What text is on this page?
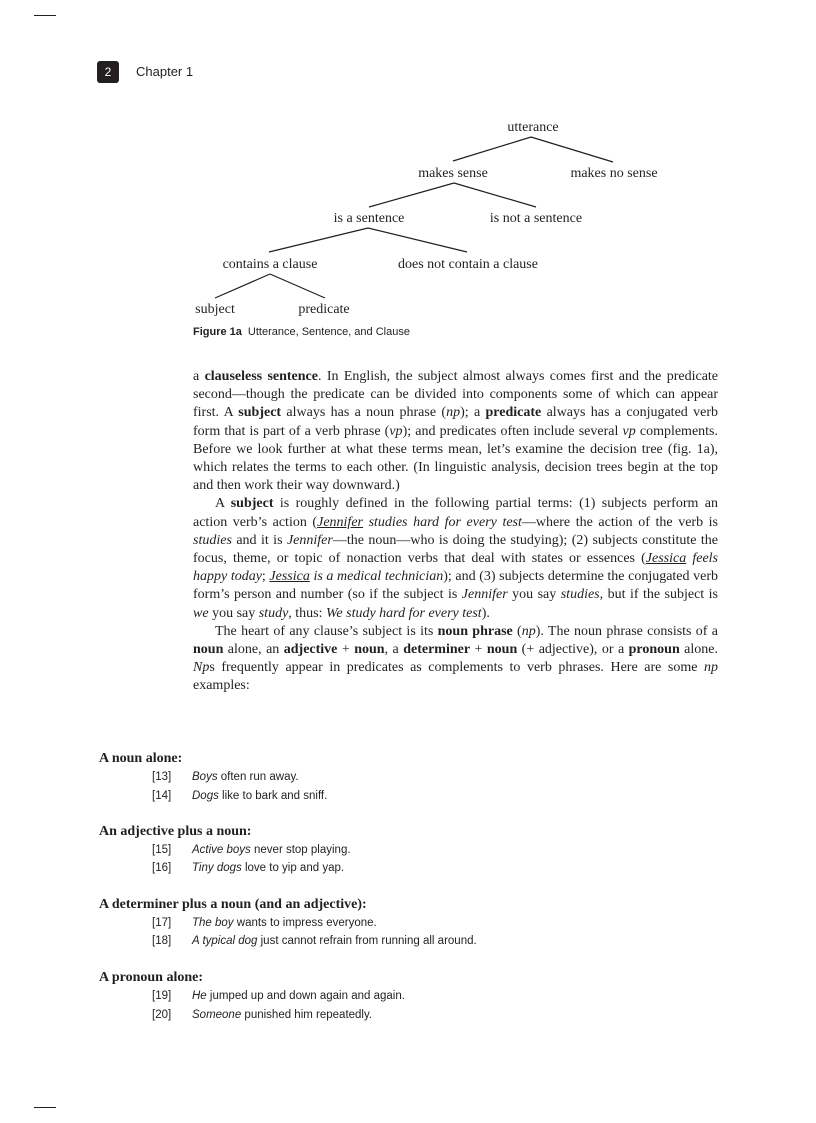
2	Chapter 1
utterance
makes sense	makes no sense
is a sentence	is not a sentence
contains a clause	does not contain a clause
subject	predicate
Figure 1a Utterance, Sentence, and Clause

a clauseless sentence. In English, the subject almost always comes first and the predicate second—though the predicate can be divided into components some of which can appear first. A subject always has a noun phrase (np); a predicate always has a conjugated verb form that is part of a verb phrase (vp); and predicates often include several vp complements. Before we look further at what these terms mean, let’s examine the decision tree (fig. 1a), which relates the terms to each other. (In linguistic analysis, decision trees begin at the top and then work their way downward.)

A subject is roughly defined in the following partial terms: (1) subjects perform an action verb’s action (Jennifer studies hard for every test—where the action of the verb is studies and it is Jennifer—the noun—who is doing the studying); (2) subjects constitute the focus, theme, or topic of nonaction verbs that deal with states or essences (Jessica feels happy today; Jessica is a medical technician); and (3) subjects determine the conjugated verb form’s person and number (so if the subject is Jennifer you say studies, but if the subject is we you say study, thus: We study hard for every test).

The heart of any clause’s subject is its noun phrase (np). The noun phrase consists of a noun alone, an adjective + noun, a determiner + noun (+ adjective), or a pronoun alone. Nps frequently appear in predicates as complements to verb phrases. Here are some np examples:

A noun alone:
[13] Boys often run away.
[14] Dogs like to bark and sniff.
An adjective plus a noun:
[15] Active boys never stop playing.
[16] Tiny dogs love to yip and yap.
A determiner plus a noun (and an adjective):
[17] The boy wants to impress everyone.
[18] A typical dog just cannot refrain from running all around.
A pronoun alone:
[19] He jumped up and down again and again.
[20] Someone punished him repeatedly.
